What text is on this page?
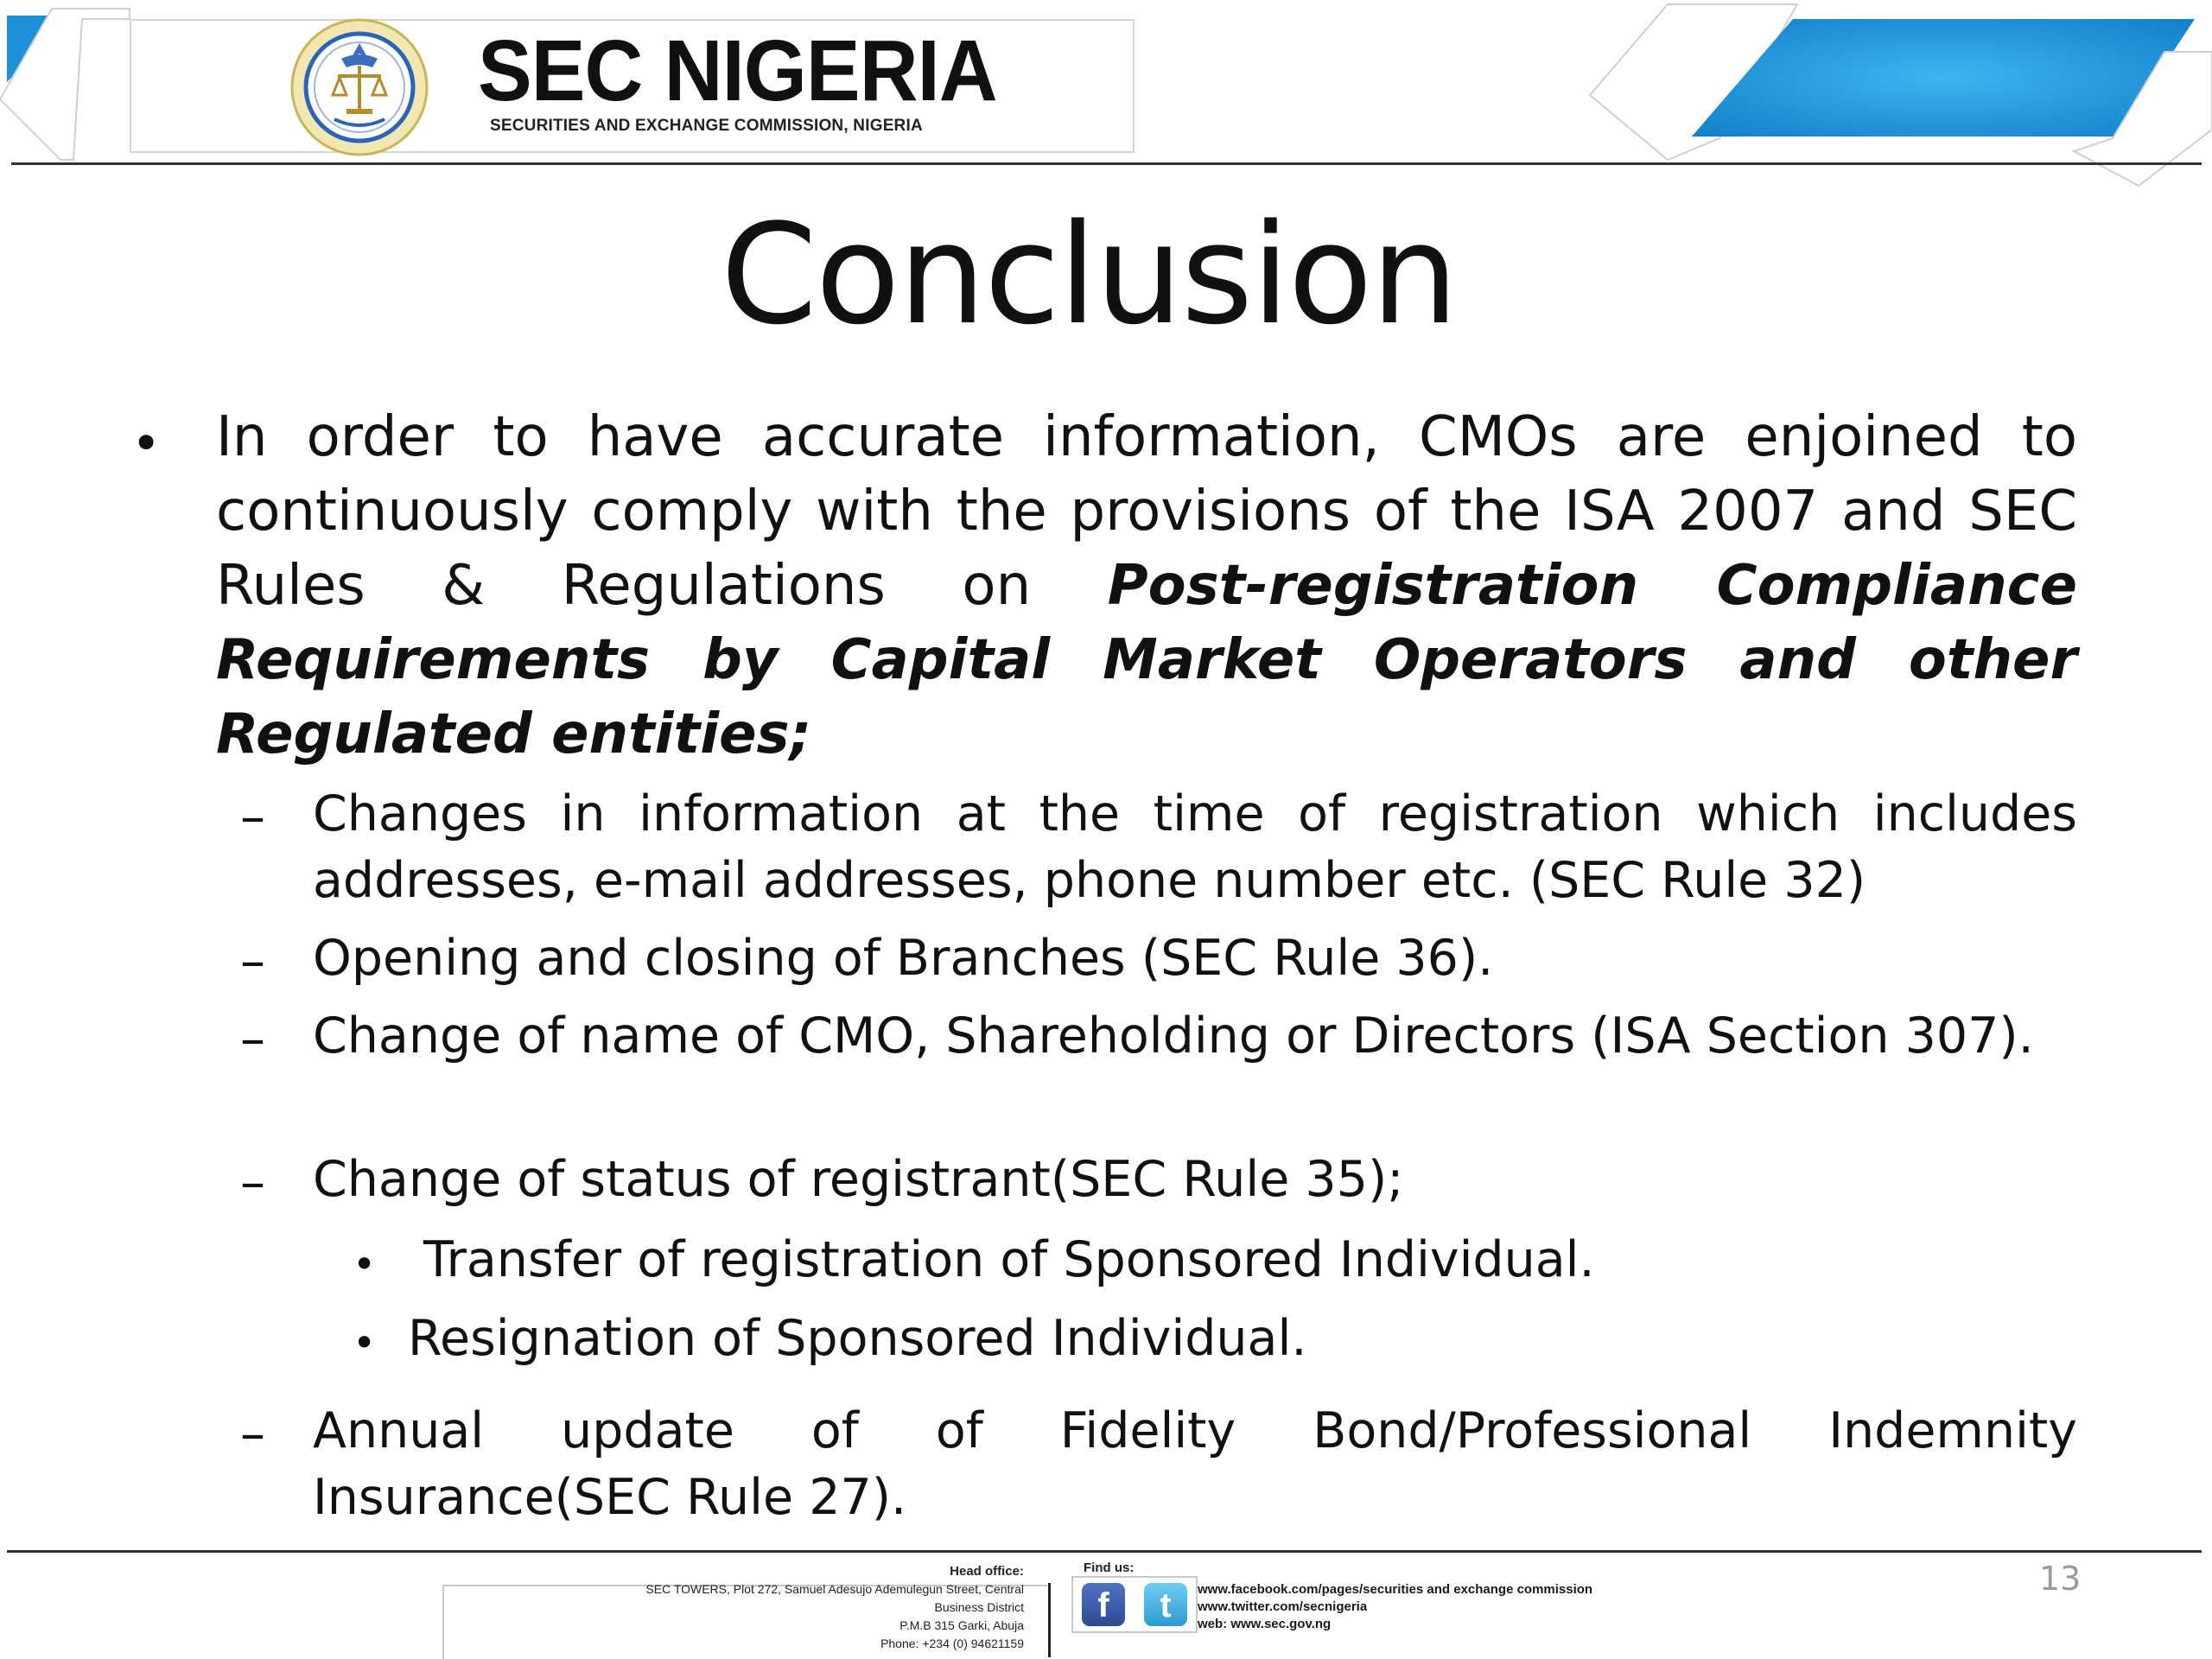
SEC NIGERIA
SECURITIES AND EXCHANGE COMMISSION, NIGERIA
Conclusion
• In order to have accurate information, CMOs are enjoined to continuously comply with the provisions of the ISA 2007 and SEC Rules & Regulations on Post-registration Compliance Requirements by Capital Market Operators and other Regulated entities;
– Changes in information at the time of registration which includes addresses, e-mail addresses, phone number etc. (SEC Rule 32)
– Opening and closing of Branches (SEC Rule 36).
– Change of name of CMO, Shareholding or Directors (ISA Section 307).
– Change of status of registrant(SEC Rule 35);
• Transfer of registration of Sponsored Individual.
• Resignation of Sponsored Individual.
– Annual update of of Fidelity Bond/Professional Indemnity Insurance(SEC Rule 27).
Head office:
SEC TOWERS, Plot 272, Samuel Adesujo Ademulegun Street, Central
Business District
P.M.B 315 Garki, Abuja
Phone: +234 (0) 94621159
Find us:
f	t	www.facebook.com/pages/securities and exchange commission
www.twitter.com/secnigeria
web: www.sec.gov.ng
13
